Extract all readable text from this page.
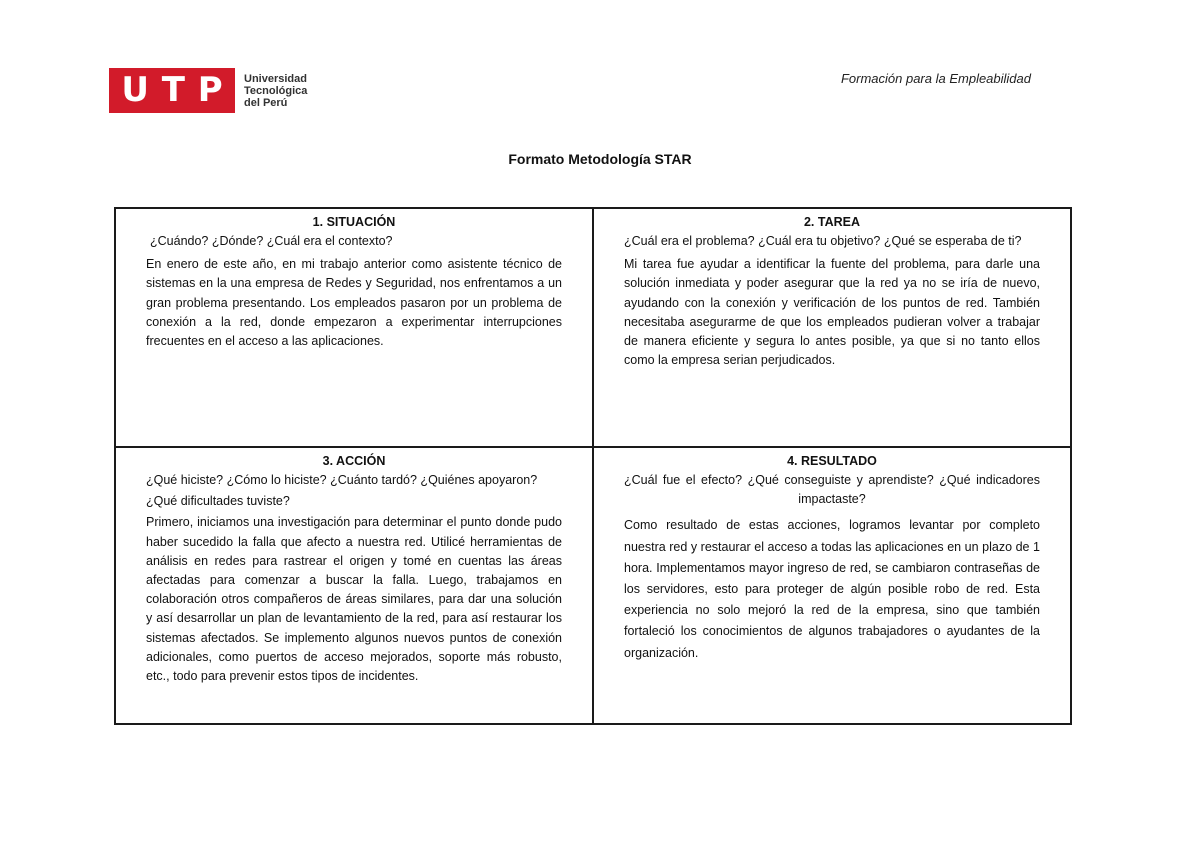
U T P Universidad
Tecnológica
del Perú
Formación para la Empleabilidad
Formato Metodología STAR
1. SITUACIÓN

¿Cuándo? ¿Dónde? ¿Cuál era el contexto?

En enero de este año, en mi trabajo anterior como asistente técnico de sistemas en la una empresa de Redes y Seguridad, nos enfrentamos a un gran problema presentando. Los empleados pasaron por un problema de conexión a la red, donde empezaron a experimentar interrupciones frecuentes en el acceso a las aplicaciones.

2. TAREA

¿Cuál era el problema? ¿Cuál era tu objetivo? ¿Qué se esperaba de ti?

Mi tarea fue ayudar a identificar la fuente del problema, para darle una solución inmediata y poder asegurar que la red ya no se iría de nuevo, ayudando con la conexión y verificación de los puntos de red. También necesitaba asegurarme de que los empleados pudieran volver a trabajar de manera eficiente y segura lo antes posible, ya que si no tanto ellos como la empresa serian perjudicados.

3. ACCIÓN

¿Qué hiciste? ¿Cómo lo hiciste? ¿Cuánto tardó? ¿Quiénes apoyaron?

¿Qué dificultades tuviste?

Primero, iniciamos una investigación para determinar el punto donde pudo haber sucedido la falla que afecto a nuestra red. Utilicé herramientas de análisis en redes para rastrear el origen y tomé en cuentas las áreas afectadas para comenzar a buscar la falla. Luego, trabajamos en colaboración otros compañeros de áreas similares, para dar una solución y así desarrollar un plan de levantamiento de la red, para así restaurar los sistemas afectados. Se implemento algunos nuevos puntos de conexión adicionales, como puertos de acceso mejorados, soporte más robusto, etc., todo para prevenir estos tipos de incidentes.

4. RESULTADO

¿Cuál fue el efecto? ¿Qué conseguiste y aprendiste? ¿Qué indicadores impactaste?

Como resultado de estas acciones, logramos levantar por completo nuestra red y restaurar el acceso a todas las aplicaciones en un plazo de 1 hora. Implementamos mayor ingreso de red, se cambiaron contraseñas de los servidores, esto para proteger de algún posible robo de red. Esta experiencia no solo mejoró la red de la empresa, sino que también fortaleció los conocimientos de algunos trabajadores o ayudantes de la organización.
